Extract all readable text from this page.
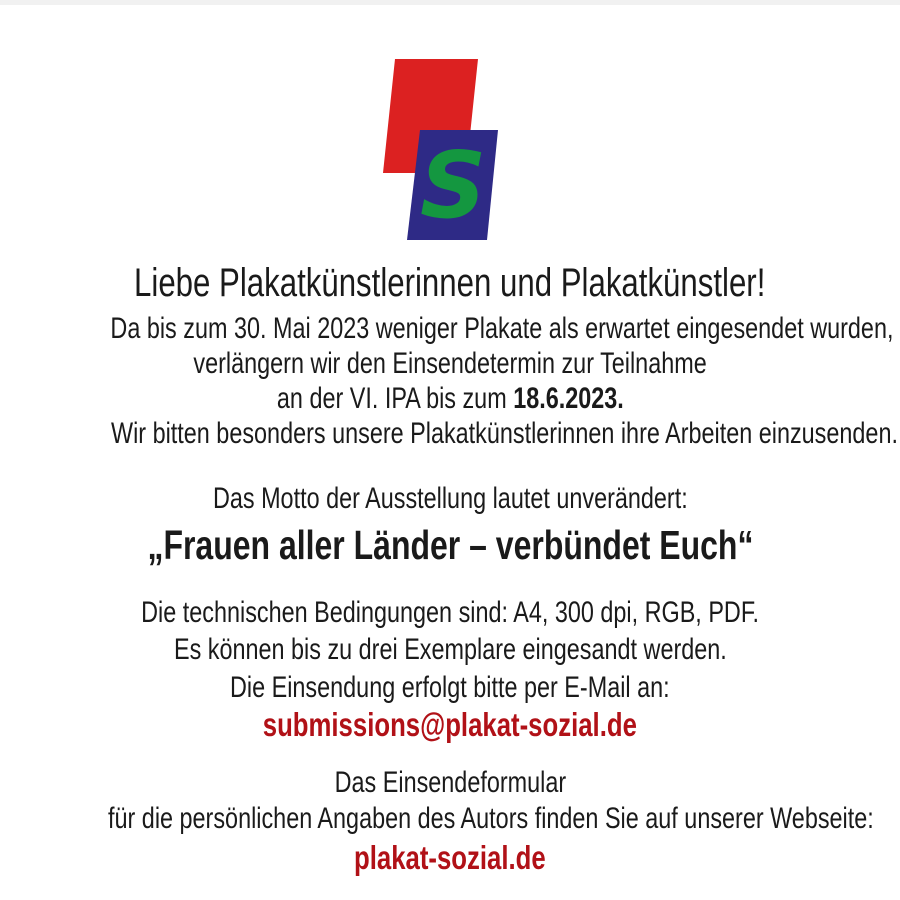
S
Liebe Plakatkünstlerinnen und Plakatkünstler!
Da bis zum 30. Mai 2023 weniger Plakate als erwartet eingesendet wurden,
verlängern wir den Einsendetermin zur Teilnahme
an der VI. IPA bis zum 18.6.2023.
Wir bitten besonders unsere Plakatkünstlerinnen ihre Arbeiten einzusenden.
Das Motto der Ausstellung lautet unverändert:
„Frauen aller Länder – verbündet Euch“
Die technischen Bedingungen sind: A4, 300 dpi, RGB, PDF.
Es können bis zu drei Exemplare eingesandt werden.
Die Einsendung erfolgt bitte per E-Mail an:
submissions@plakat-sozial.de
Das Einsendeformular
für die persönlichen Angaben des Autors finden Sie auf unserer Webseite:
plakat-sozial.de
